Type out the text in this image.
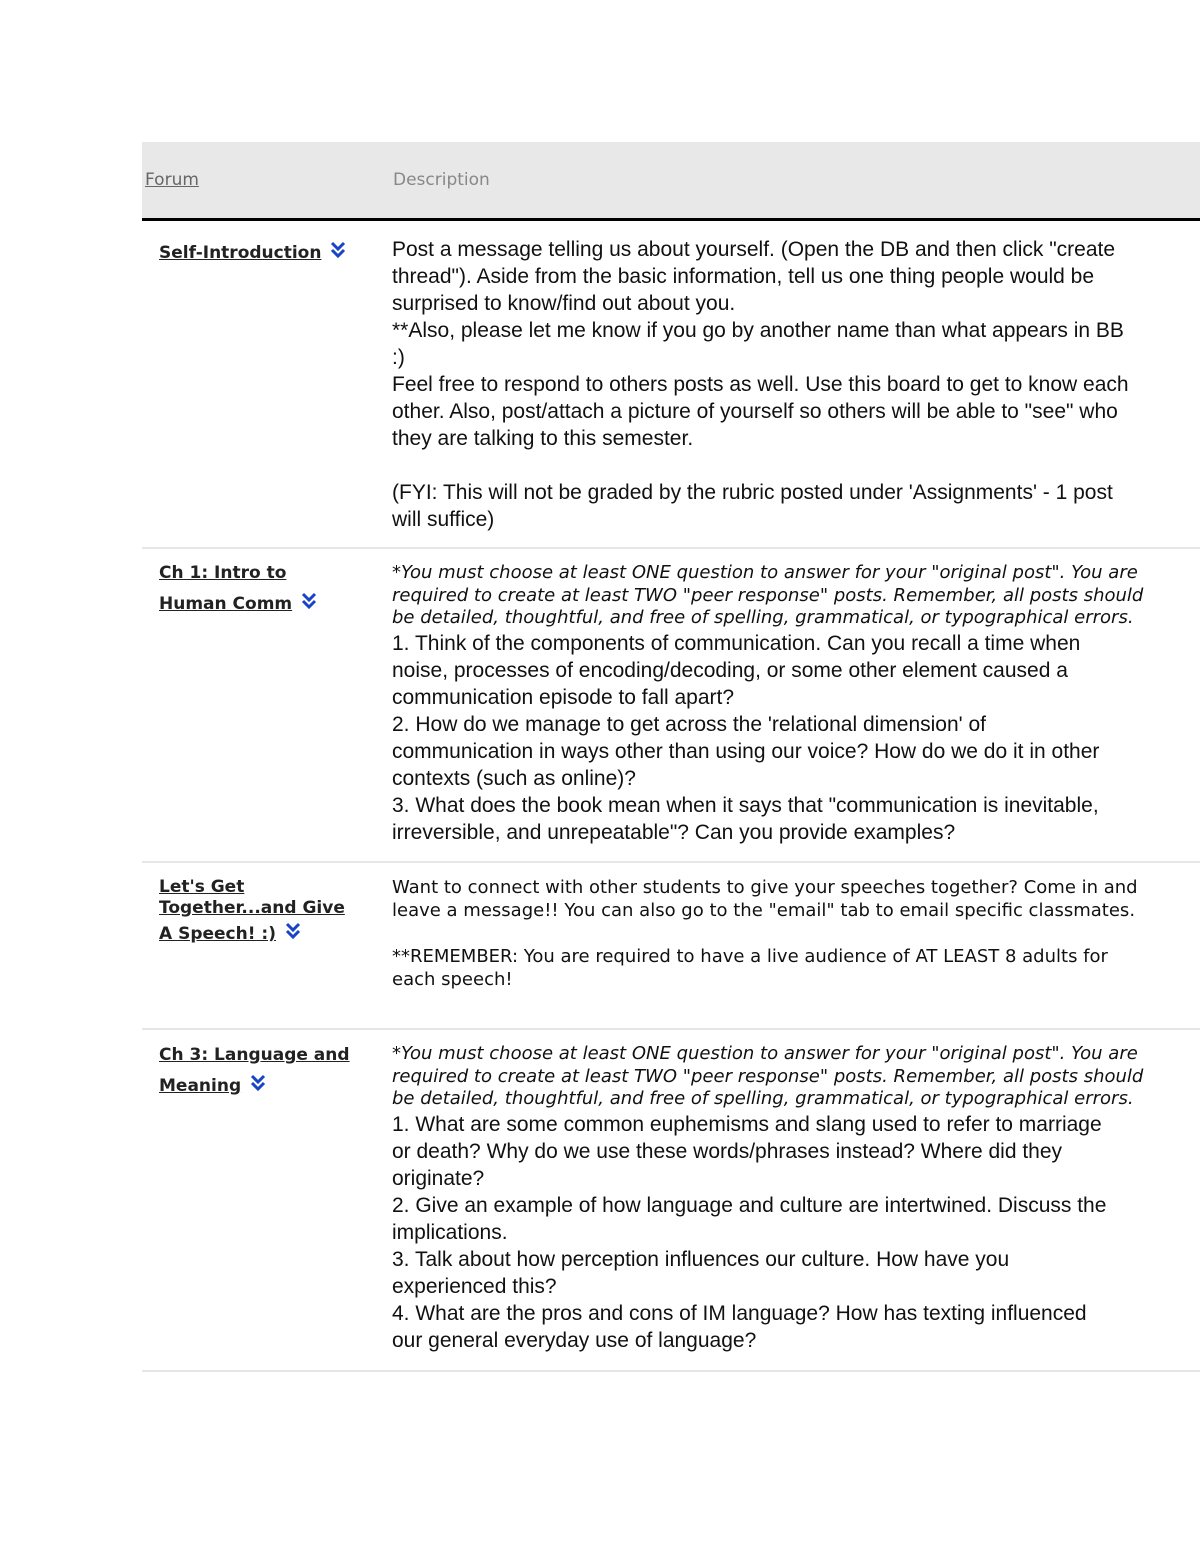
Forum	Description
Self-Introduction	Post a message telling us about yourself. (Open the DB and then click "create

thread"). Aside from the basic information, tell us one thing people would be

surprised to know/find out about you.

**Also, please let me know if you go by another name than what appears in BB

:)

Feel free to respond to others posts as well. Use this board to get to know each

other. Also, post/attach a picture of yourself so others will be able to "see" who

they are talking to this semester.

(FYI: This will not be graded by the rubric posted under 'Assignments' - 1 post

will suffice)

Ch 1: Intro to
Human Comm

*You must choose at least ONE question to answer for your "original post". You are

required to create at least TWO "peer response" posts. Remember, all posts should

be detailed, thoughtful, and free of spelling, grammatical, or typographical errors.

1. Think of the components of communication. Can you recall a time when

noise, processes of encoding/decoding, or some other element caused a

communication episode to fall apart?

2. How do we manage to get across the 'relational dimension' of

communication in ways other than using our voice? How do we do it in other

contexts (such as online)?

3. What does the book mean when it says that "communication is inevitable,

irreversible, and unrepeatable"? Can you provide examples?

Let's Get
Together...and Give
A Speech! :)

Want to connect with other students to give your speeches together? Come in and

leave a message!! You can also go to the "email" tab to email specific classmates.

**REMEMBER: You are required to have a live audience of AT LEAST 8 adults for

each speech!

Ch 3: Language and
Meaning

*You must choose at least ONE question to answer for your "original post". You are

required to create at least TWO "peer response" posts. Remember, all posts should

be detailed, thoughtful, and free of spelling, grammatical, or typographical errors.

1. What are some common euphemisms and slang used to refer to marriage

or death? Why do we use these words/phrases instead? Where did they

originate?

2. Give an example of how language and culture are intertwined. Discuss the

implications.

3. Talk about how perception influences our culture. How have you

experienced this?

4. What are the pros and cons of IM language? How has texting influenced

our general everyday use of language?
